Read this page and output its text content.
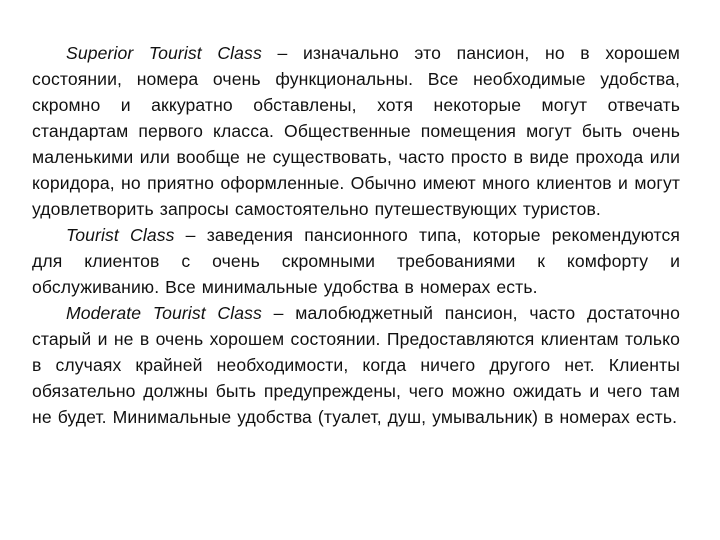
Superior Tourist Class – изначально это пансион, но в хорошем состоянии, номера очень функциональны. Все необходимые удобства, скромно и аккуратно обставлены, хотя некоторые могут отвечать стандартам первого класса. Общественные помещения могут быть очень маленькими или вообще не существовать, часто просто в виде прохода или коридора, но приятно оформленные. Обычно имеют много клиентов и могут удовлетворить запросы самостоятельно путешествующих туристов.

Tourist Class – заведения пансионного типа, которые рекомендуются для клиентов с очень скромными требованиями к комфорту и обслуживанию. Все минимальные удобства в номерах есть.

Moderate Tourist Class – малобюджетный пансион, часто достаточно старый и не в очень хорошем состоянии. Предоставляются клиентам только в случаях крайней необходимости, когда ничего другого нет. Клиенты обязательно должны быть предупреждены, чего можно ожидать и чего там не будет. Минимальные удобства (туалет, душ, умывальник) в номерах есть.
